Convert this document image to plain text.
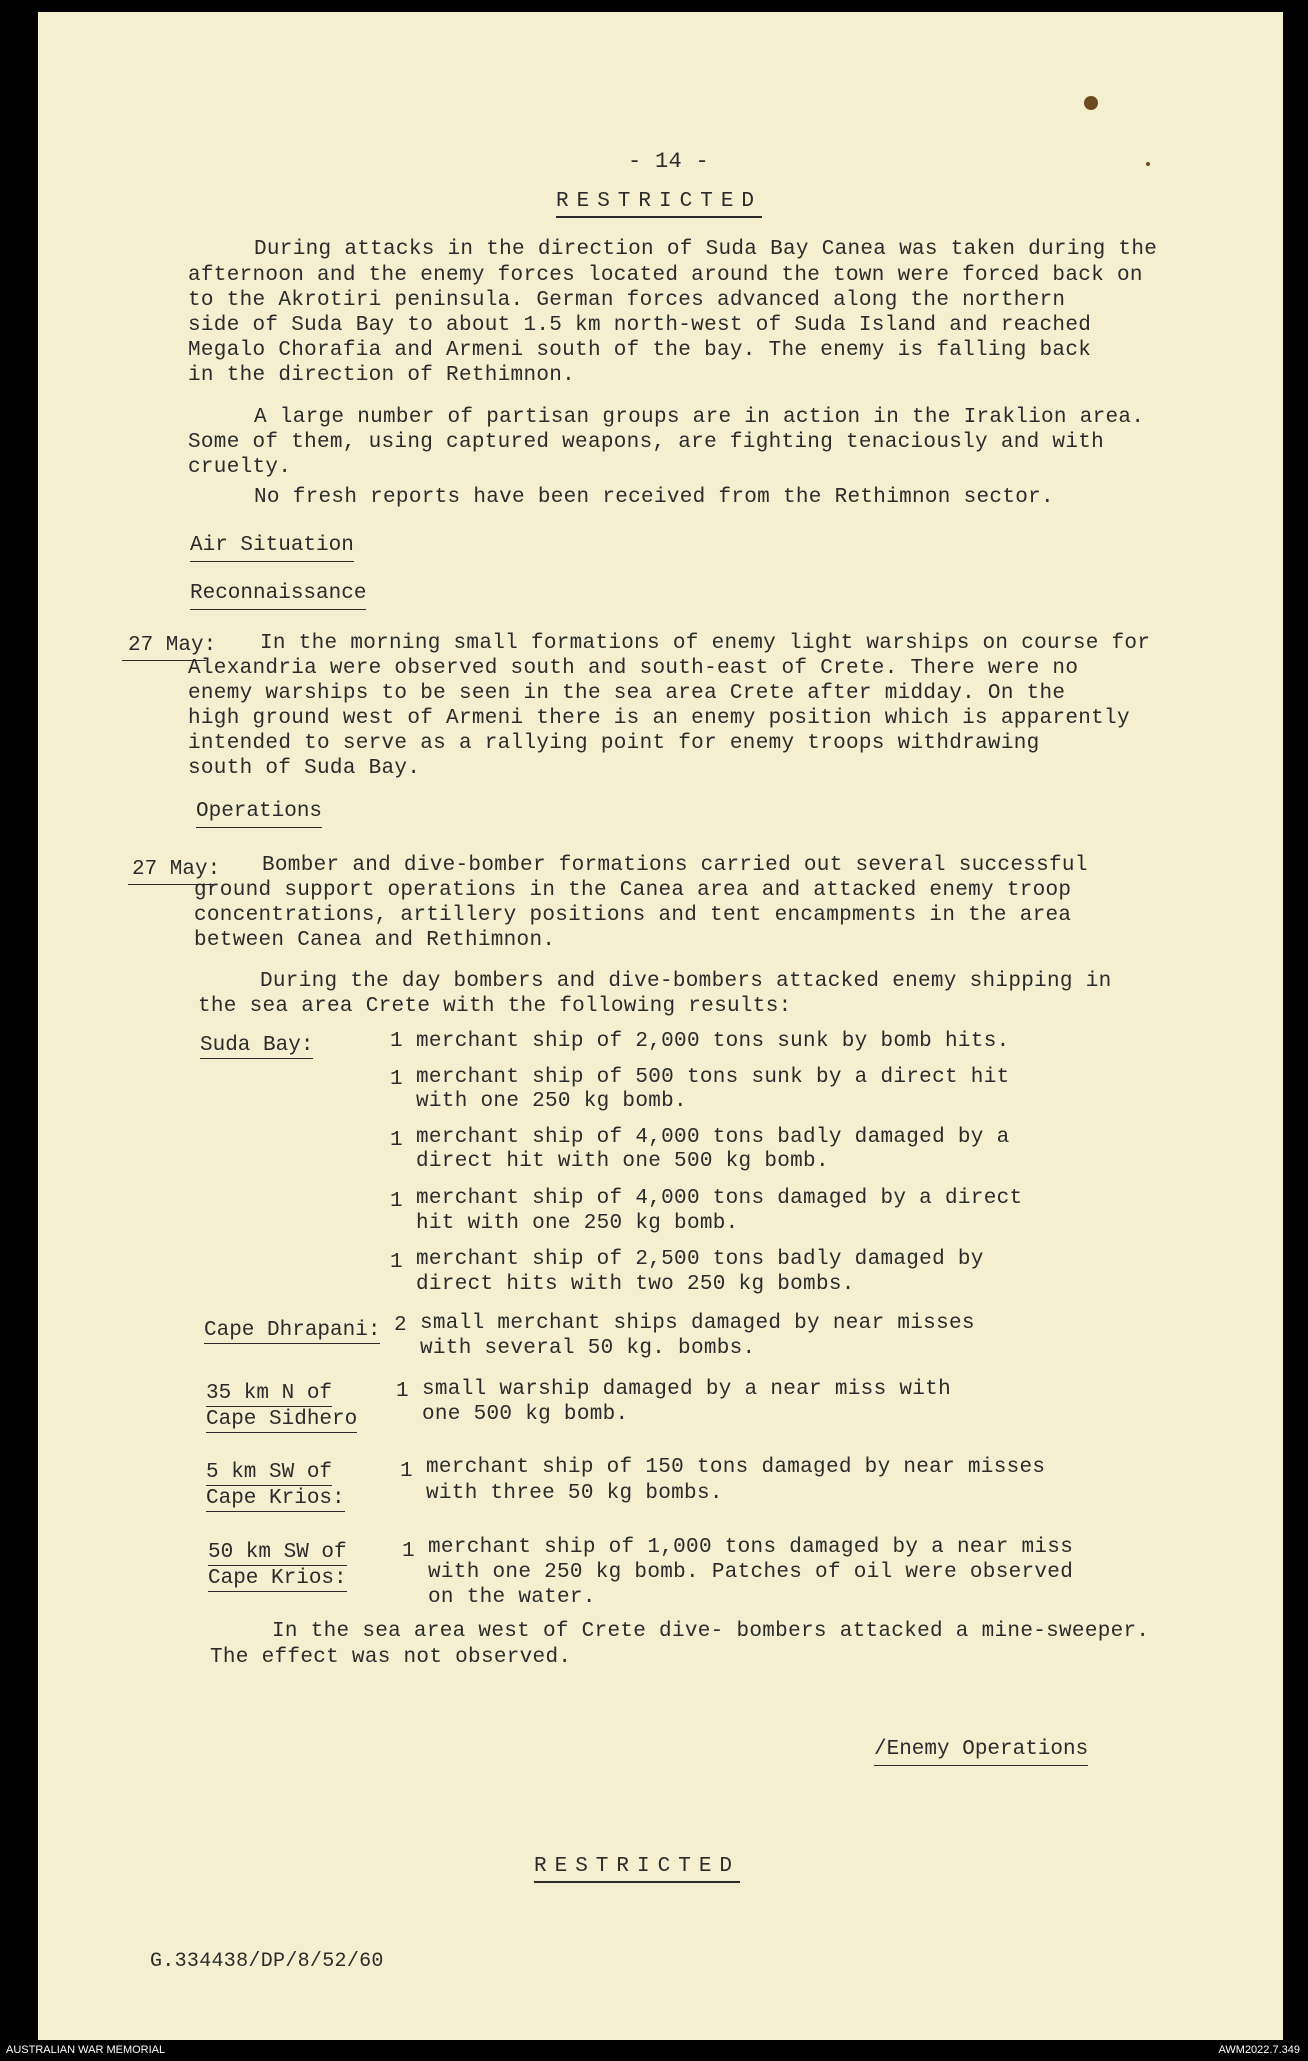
- 14 -
RESTRICTED
During attacks in the direction of Suda Bay Canea was taken during the
afternoon and the enemy forces located around the town were forced back on
to the Akrotiri peninsula. German forces advanced along the northern
side of Suda Bay to about 1.5 km north-west of Suda Island and reached
Megalo Chorafia and Armeni south of the bay. The enemy is falling back
in the direction of Rethimnon.
A large number of partisan groups are in action in the Iraklion area.
Some of them, using captured weapons, are fighting tenaciously and with
cruelty.
No fresh reports have been received from the Rethimnon sector.
Air Situation
Reconnaissance
27 May: In the morning small formations of enemy light warships on course for
Alexandria were observed south and south-east of Crete. There were no
enemy warships to be seen in the sea area Crete after midday. On the
high ground west of Armeni there is an enemy position which is apparently
intended to serve as a rallying point for enemy troops withdrawing
south of Suda Bay.
Operations
27 May: Bomber and dive-bomber formations carried out several successful
ground support operations in the Canea area and attacked enemy troop
concentrations, artillery positions and tent encampments in the area
between Canea and Rethimnon.
During the day bombers and dive-bombers attacked enemy shipping in
the sea area Crete with the following results:
Suda Bay:	1 merchant ship of 2,000 tons sunk by bomb hits.
1 merchant ship of 500 tons sunk by a direct hit
with one 250 kg bomb.
1 merchant ship of 4,000 tons badly damaged by a
direct hit with one 500 kg bomb.
1 merchant ship of 4,000 tons damaged by a direct
hit with one 250 kg bomb.
1 merchant ship of 2,500 tons badly damaged by
direct hits with two 250 kg bombs.
Cape Dhrapani: 2 small merchant ships damaged by near misses
with several 50 kg. bombs.
35 km N of
Cape Sidhero
1 small warship damaged by a near miss with
one 500 kg bomb.
5 km SW of
Cape Krios:
1 merchant ship of 150 tons damaged by near misses
with three 50 kg bombs.
50 km SW of
Cape Krios:
1 merchant ship of 1,000 tons damaged by a near miss
with one 250 kg bomb. Patches of oil were observed
on the water.
In the sea area west of Crete dive- bombers attacked a mine-sweeper.
The effect was not observed.
/Enemy Operations
RESTRICTED
G.334438/DP/8/52/60
AUSTRALIAN WAR MEMORIAL	AWM2022.7.349
